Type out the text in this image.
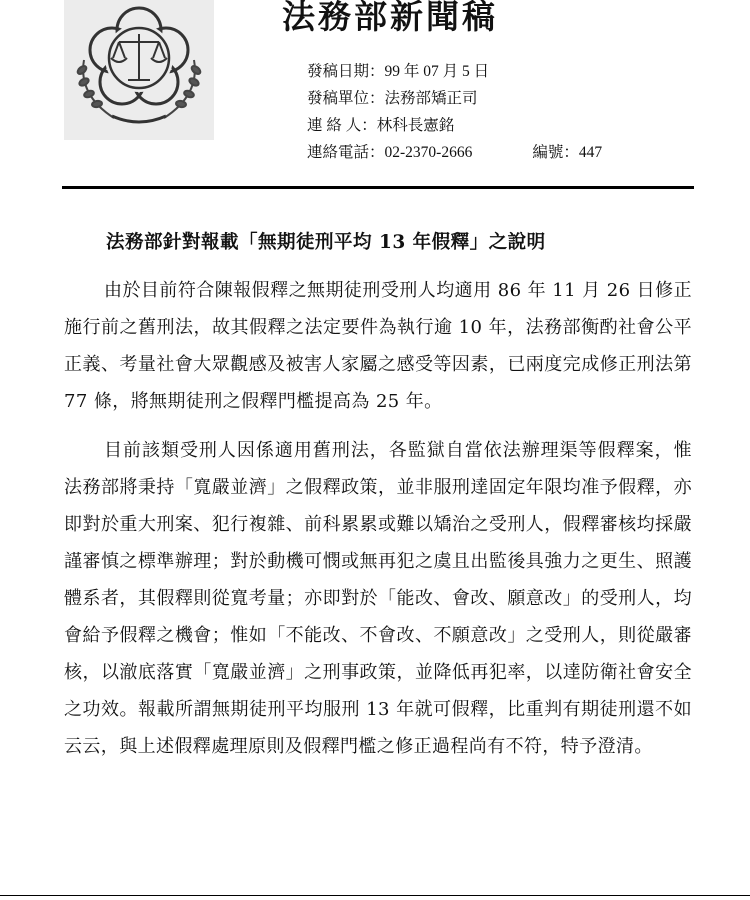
法務部新聞稿
發稿日期： 99 年 07 月 5 日
發稿單位： 法務部矯正司
連 絡 人： 林科長憲銘
連絡電話： 02-2370-2666	編號：447
法務部針對報載「無期徒刑平均 13 年假釋」之說明

由於目前符合陳報假釋之無期徒刑受刑人均適用 86 年 11 月 26 日修正施行前之舊刑法，故其假釋之法定要件為執行逾 10 年，法務部衡酌社會公平正義、考量社會大眾觀感及被害人家屬之感受等因素，已兩度完成修正刑法第 77 條，將無期徒刑之假釋門檻提高為 25 年。

目前該類受刑人因係適用舊刑法，各監獄自當依法辦理渠等假釋案，惟法務部將秉持「寬嚴並濟」之假釋政策，並非服刑達固定年限均准予假釋，亦即對於重大刑案、犯行複雜、前科累累或難以矯治之受刑人，假釋審核均採嚴謹審慎之標準辦理；對於動機可憫或無再犯之虞且出監後具強力之更生、照護體系者，其假釋則從寬考量；亦即對於「能改、會改、願意改」的受刑人，均會給予假釋之機會；惟如「不能改、不會改、不願意改」之受刑人，則從嚴審核，以澈底落實「寬嚴並濟」之刑事政策，並降低再犯率，以達防衛社會安全之功效。報載所謂無期徒刑平均服刑 13 年就可假釋，比重判有期徒刑還不如云云，與上述假釋處理原則及假釋門檻之修正過程尚有不符，特予澄清。
